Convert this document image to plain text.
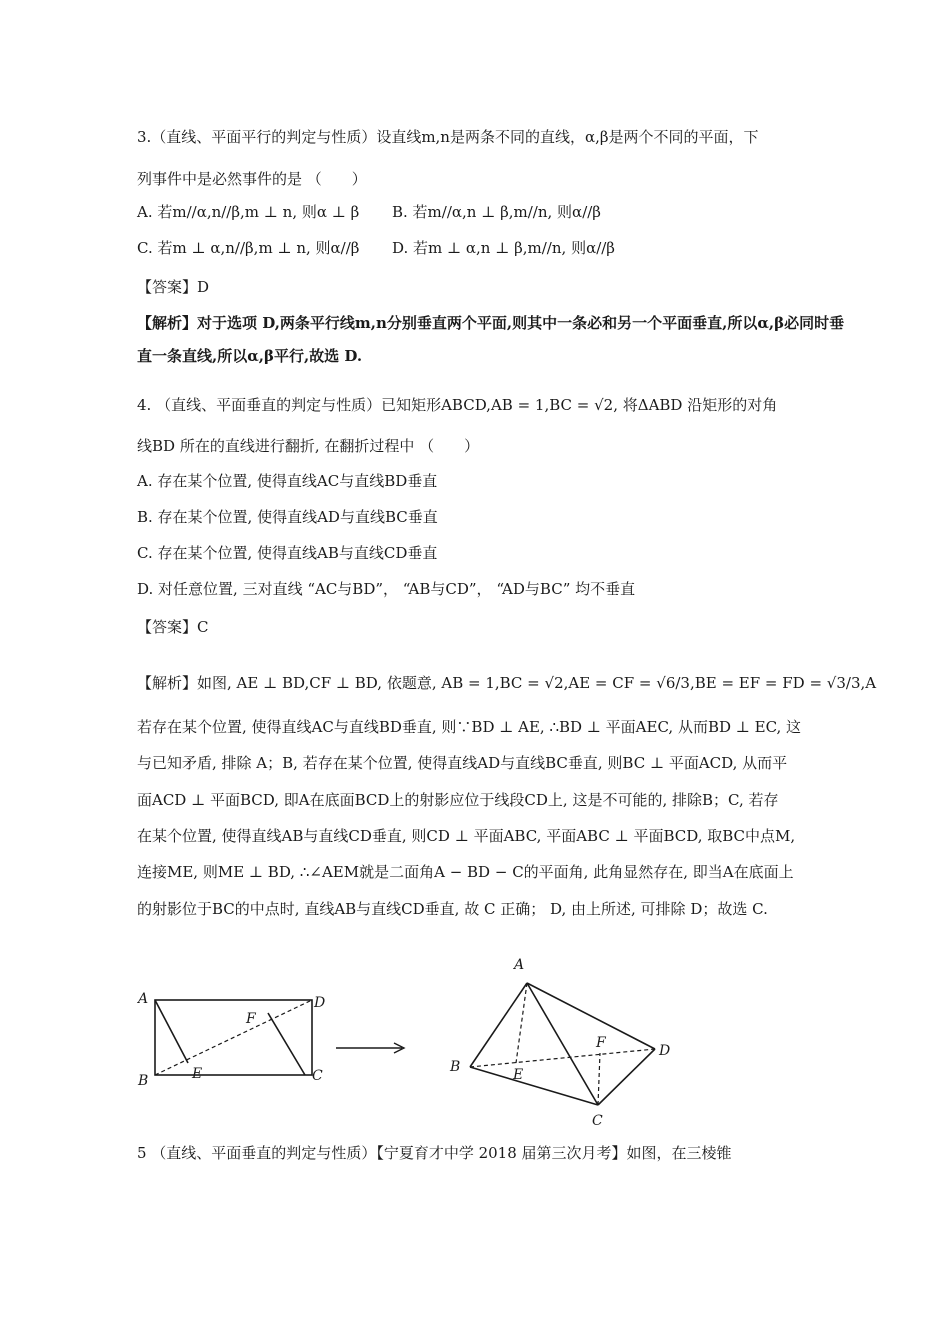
3.（直线、平面平行的判定与性质）设直线m,n是两条不同的直线，α,β是两个不同的平面，下
列事件中是必然事件的是 （　　）
A. 若m//α,n//β,m ⊥ n, 则α ⊥ β B. 若m//α,n ⊥ β,m//n, 则α//β
C. 若m ⊥ α,n//β,m ⊥ n, 则α//β D. 若m ⊥ α,n ⊥ β,m//n, 则α//β
【答案】D
【解析】对于选项 D,两条平行线m,n分别垂直两个平面,则其中一条必和另一个平面垂直,所以α,β必同时垂
直一条直线,所以α,β平行,故选 D.
4. （直线、平面垂直的判定与性质）已知矩形ABCD,AB = 1,BC = √2, 将ΔABD 沿矩形的对角
线BD 所在的直线进行翻折, 在翻折过程中 （　　）
A. 存在某个位置, 使得直线AC与直线BD垂直
B. 存在某个位置, 使得直线AD与直线BC垂直
C. 存在某个位置, 使得直线AB与直线CD垂直
D. 对任意位置, 三对直线 “AC与BD”， “AB与CD”， “AD与BC” 均不垂直
【答案】C
【解析】如图, AE ⊥ BD,CF ⊥ BD, 依题意, AB = 1,BC = √2,AE = CF = √6/3,BE = EF = FD = √3/3,A
若存在某个位置, 使得直线AC与直线BD垂直, 则∵BD ⊥ AE, ∴BD ⊥ 平面AEC, 从而BD ⊥ EC, 这
与已知矛盾, 排除 A；B, 若存在某个位置, 使得直线AD与直线BC垂直, 则BC ⊥ 平面ACD, 从而平
面ACD ⊥ 平面BCD, 即A在底面BCD上的射影应位于线段CD上, 这是不可能的, 排除B；C, 若存
在某个位置, 使得直线AB与直线CD垂直, 则CD ⊥ 平面ABC, 平面ABC ⊥ 平面BCD, 取BC中点M,
连接ME, 则ME ⊥ BD, ∴∠AEM就是二面角A − BD − C的平面角, 此角显然存在, 即当A在底面上
的射影位于BC的中点时, 直线AB与直线CD垂直, 故 C 正确； D, 由上所述, 可排除 D；故选 C.
A
B
D
C
E
F
A
B
C
D
E
F
5 （直线、平面垂直的判定与性质）【宁夏育才中学 2018 届第三次月考】如图，在三棱锥
